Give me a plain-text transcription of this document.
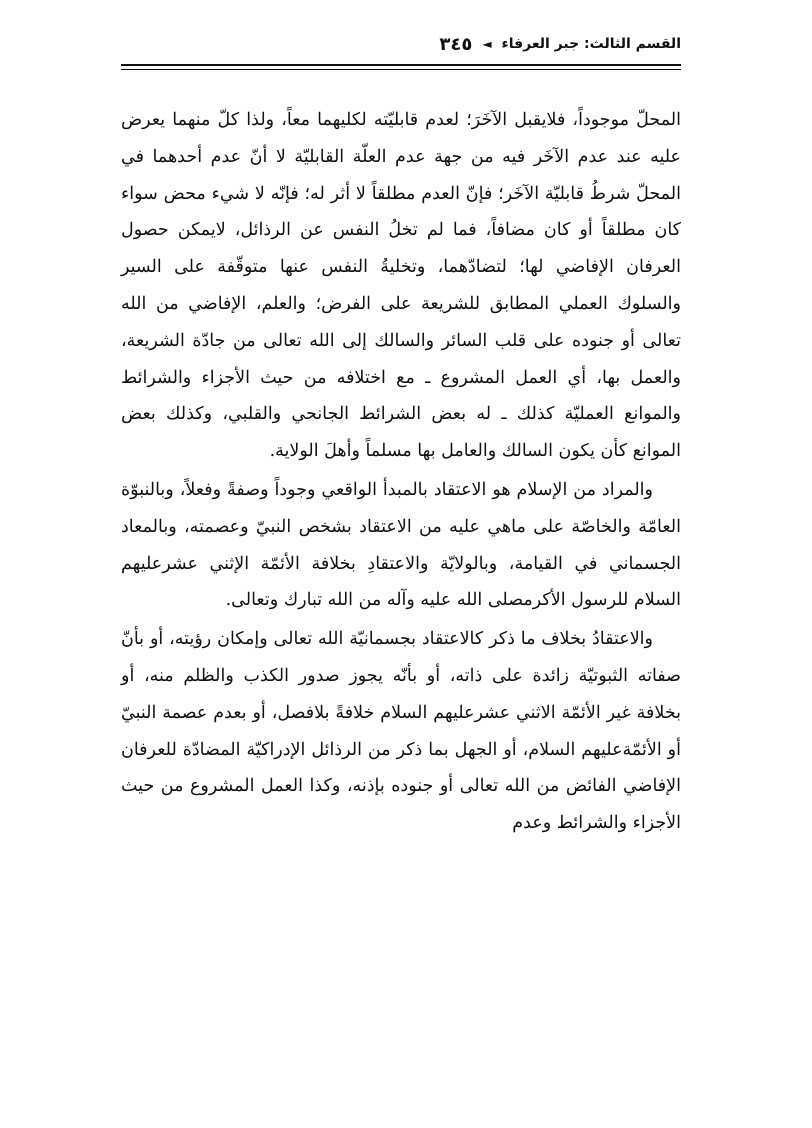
القسم الثالث: جبر العرفاء
◄
٣٤٥

المحلّ موجوداً، فلايقبل الآخَرَ؛ لعدم قابليّته لكليهما معاً، ولذا كلّ منهما يعرض عليه عند عدم الآخَر فيه من جهة عدم العلّة القابليّة لا أنّ عدم أحدهما في المحلّ شرطُ قابليّة الآخَر؛ فإنّ العدم مطلقاً لا أثر له؛ فإنّه لا شيء محض سواء كان مطلقاً أو كان مضافاً، فما لم تخلُ النفس عن الرذائل، لايمكن حصول العرفان الإفاضي لها؛ لتضادّهما، وتخليةُ النفس عنها متوقّفة على السير والسلوك العملي المطابق للشريعة على الفرض؛ والعلم، الإفاضي من الله تعالى أو جنوده على قلب السائر والسالك إلى الله تعالى من جادّة الشريعة، والعمل بها، أي العمل المشروع ـ مع اختلافه من حيث الأجزاء والشرائط والموانع العمليّة كذلك ـ له بعض الشرائط الجانحي والقلبي، وكذلك بعض الموانع كأن يكون السالك والعامل بها مسلماً وأهلَ الولاية.

والمراد من الإسلام هو الاعتقاد بالمبدأ الواقعي وجوداً وصفةً وفعلاً، وبالنبوّة العامّة والخاصّة على ماهي عليه من الاعتقاد بشخص النبيّ وعصمته، وبالمعاد الجسماني في القيامة، وبالولايّة والاعتقادِ بخلافة الأئمّة الإثني عشرعليهم السلام للرسول الأكرمصلى الله عليه وآله من الله تبارك وتعالى.

والاعتقادُ بخلاف ما ذكر كالاعتقاد بجسمانيّة الله تعالى وإمكان رؤيته، أو بأنّ صفاته الثبوتيّة زائدة على ذاته، أو بأنّه يجوز صدور الكذب والظلم منه، أو بخلافة غير الأئمّة الاثني عشرعليهم السلام خلافةً بلافصل، أو بعدم عصمة النبيّ أو الأئمّةعليهم السلام، أو الجهل بما ذكر من الرذائل الإدراكيّة المضادّة للعرفان الإفاضي الفائض من الله تعالى أو جنوده بإذنه، وكذا العمل المشروع من حيث الأجزاء والشرائط وعدم
